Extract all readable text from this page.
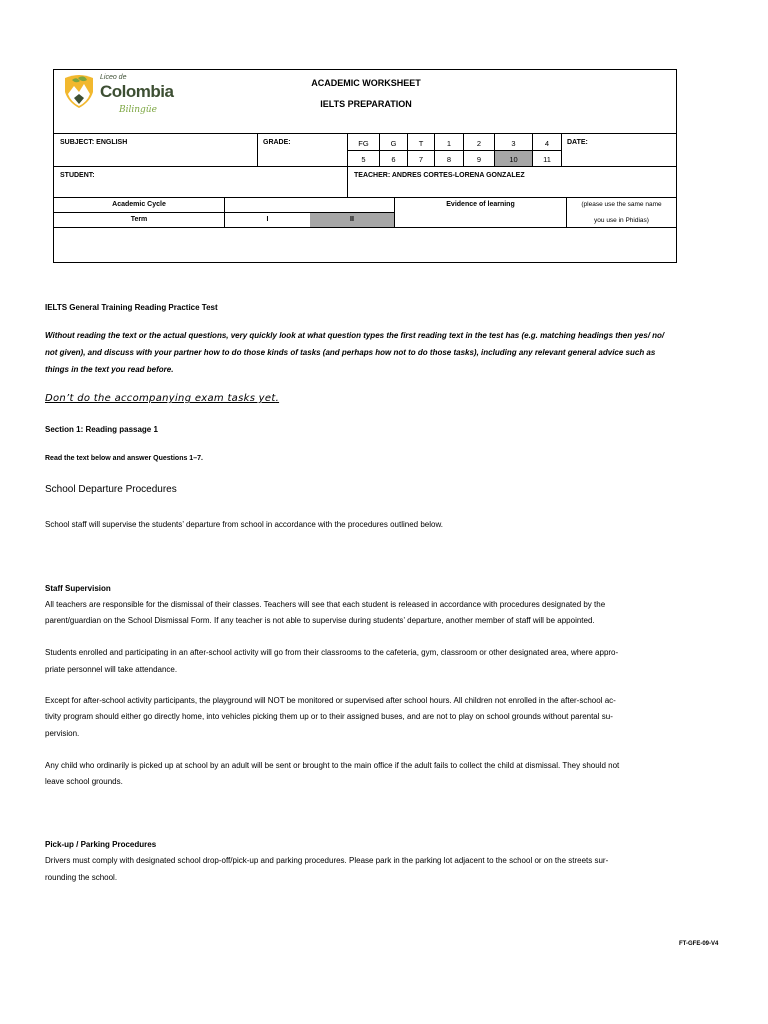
Liceo de
Colombia
Bilingüe
ACADEMIC WORKSHEET
IELTS PREPARATION
SUBJECT: ENGLISH	GRADE:	DATE:
FG	G	T	1	2	3	4
5	6	7	8	9	10	11
STUDENT:	TEACHER: ANDRES CORTES-LORENA GONZALEZ
Academic Cycle
Term	I	II
Evidence of learning	(please use the same name
you use in Phidias)
IELTS General Training Reading Practice Test
Without reading the text or the actual questions, very quickly look at what question types the first reading text in the test has (e.g. matching headings then yes/ no/
not given), and discuss with your partner how to do those kinds of tasks (and perhaps how not to do those tasks), including any relevant general advice such as
things in the text you read before.
Don’t do the accompanying exam tasks yet.
Section 1: Reading passage 1
Read the text below and answer Questions 1–7.
School Departure Procedures
School staff will supervise the students’ departure from school in accordance with the procedures outlined below.
Staff Supervision
All teachers are responsible for the dismissal of their classes. Teachers will see that each student is released in accordance with procedures designated by the
parent/guardian on the School Dismissal Form. If any teacher is not able to supervise during students’ departure, another member of staff will be appointed.
Students enrolled and participating in an after-school activity will go from their classrooms to the cafeteria, gym, classroom or other designated area, where appro-
priate personnel will take attendance.
Except for after-school activity participants, the playground will NOT be monitored or supervised after school hours. All children not enrolled in the after-school ac-
tivity program should either go directly home, into vehicles picking them up or to their assigned buses, and are not to play on school grounds without parental su-
pervision.
Any child who ordinarily is picked up at school by an adult will be sent or brought to the main office if the adult fails to collect the child at dismissal. They should not
leave school grounds.
Pick-up / Parking Procedures
Drivers must comply with designated school drop-off/pick-up and parking procedures. Please park in the parking lot adjacent to the school or on the streets sur-
rounding the school.
FT-GFE-09-V4
